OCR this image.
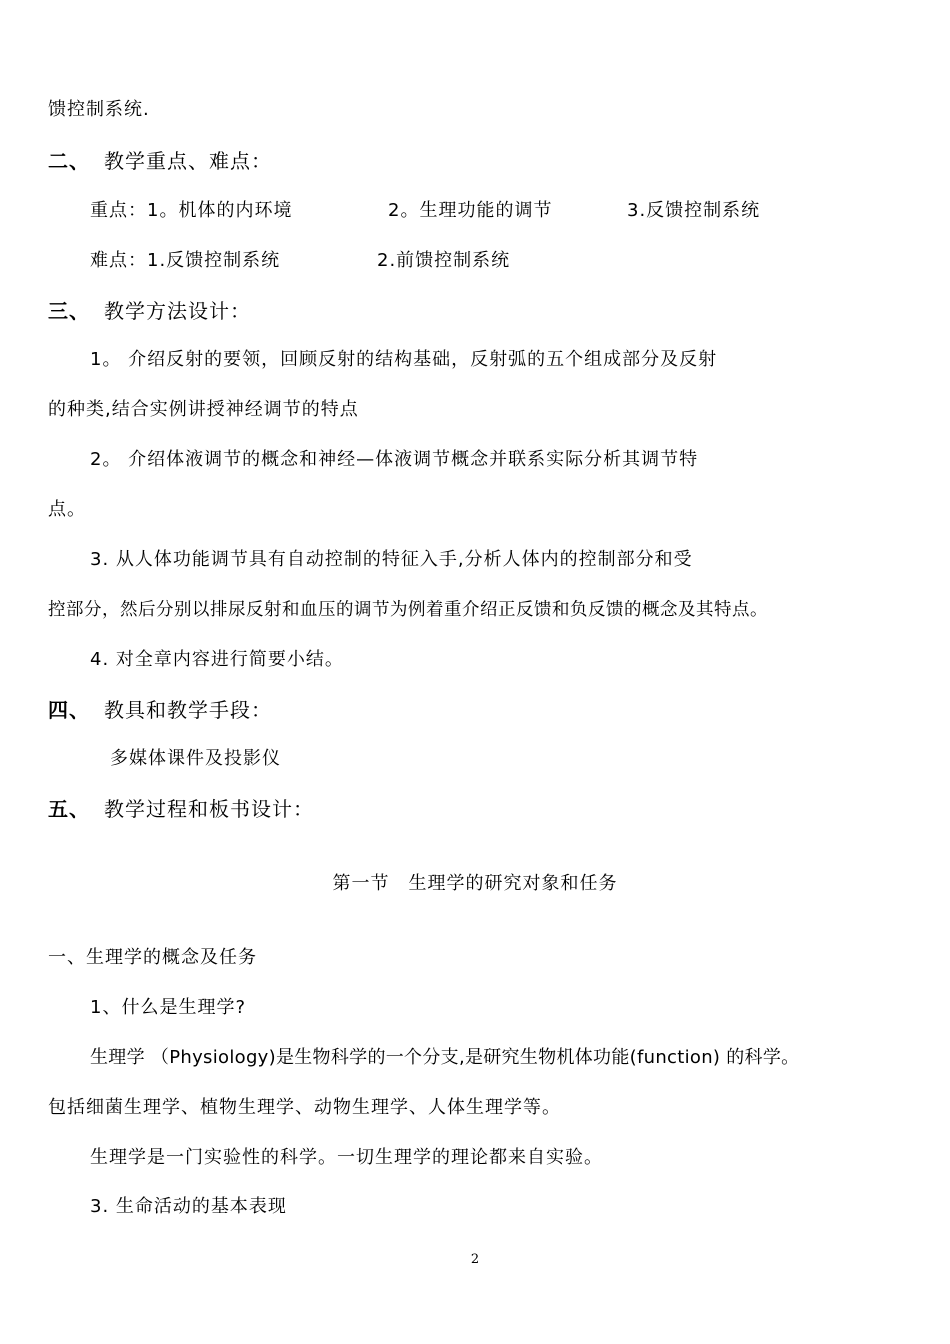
馈控制系统.
二、 教学重点、难点：
重点：1。机体的内环境	2。生理功能的调节	3.反馈控制系统
难点：1.反馈控制系统	2.前馈控制系统
三、 教学方法设计：
1。 介绍反射的要领，回顾反射的结构基础，反射弧的五个组成部分及反射
的种类,结合实例讲授神经调节的特点
2。 介绍体液调节的概念和神经—体液调节概念并联系实际分析其调节特
点。
3. 从人体功能调节具有自动控制的特征入手,分析人体内的控制部分和受
控部分，然后分别以排尿反射和血压的调节为例着重介绍正反馈和负反馈的概念及其特点。
4. 对全章内容进行简要小结。
四、 教具和教学手段：
多媒体课件及投影仪
五、 教学过程和板书设计：
第一节　生理学的研究对象和任务
一、生理学的概念及任务
1、什么是生理学?
生理学 （Physiology)是生物科学的一个分支,是研究生物机体功能(function) 的科学。
包括细菌生理学、植物生理学、动物生理学、人体生理学等。
生理学是一门实验性的科学。一切生理学的理论都来自实验。
3. 生命活动的基本表现
2
